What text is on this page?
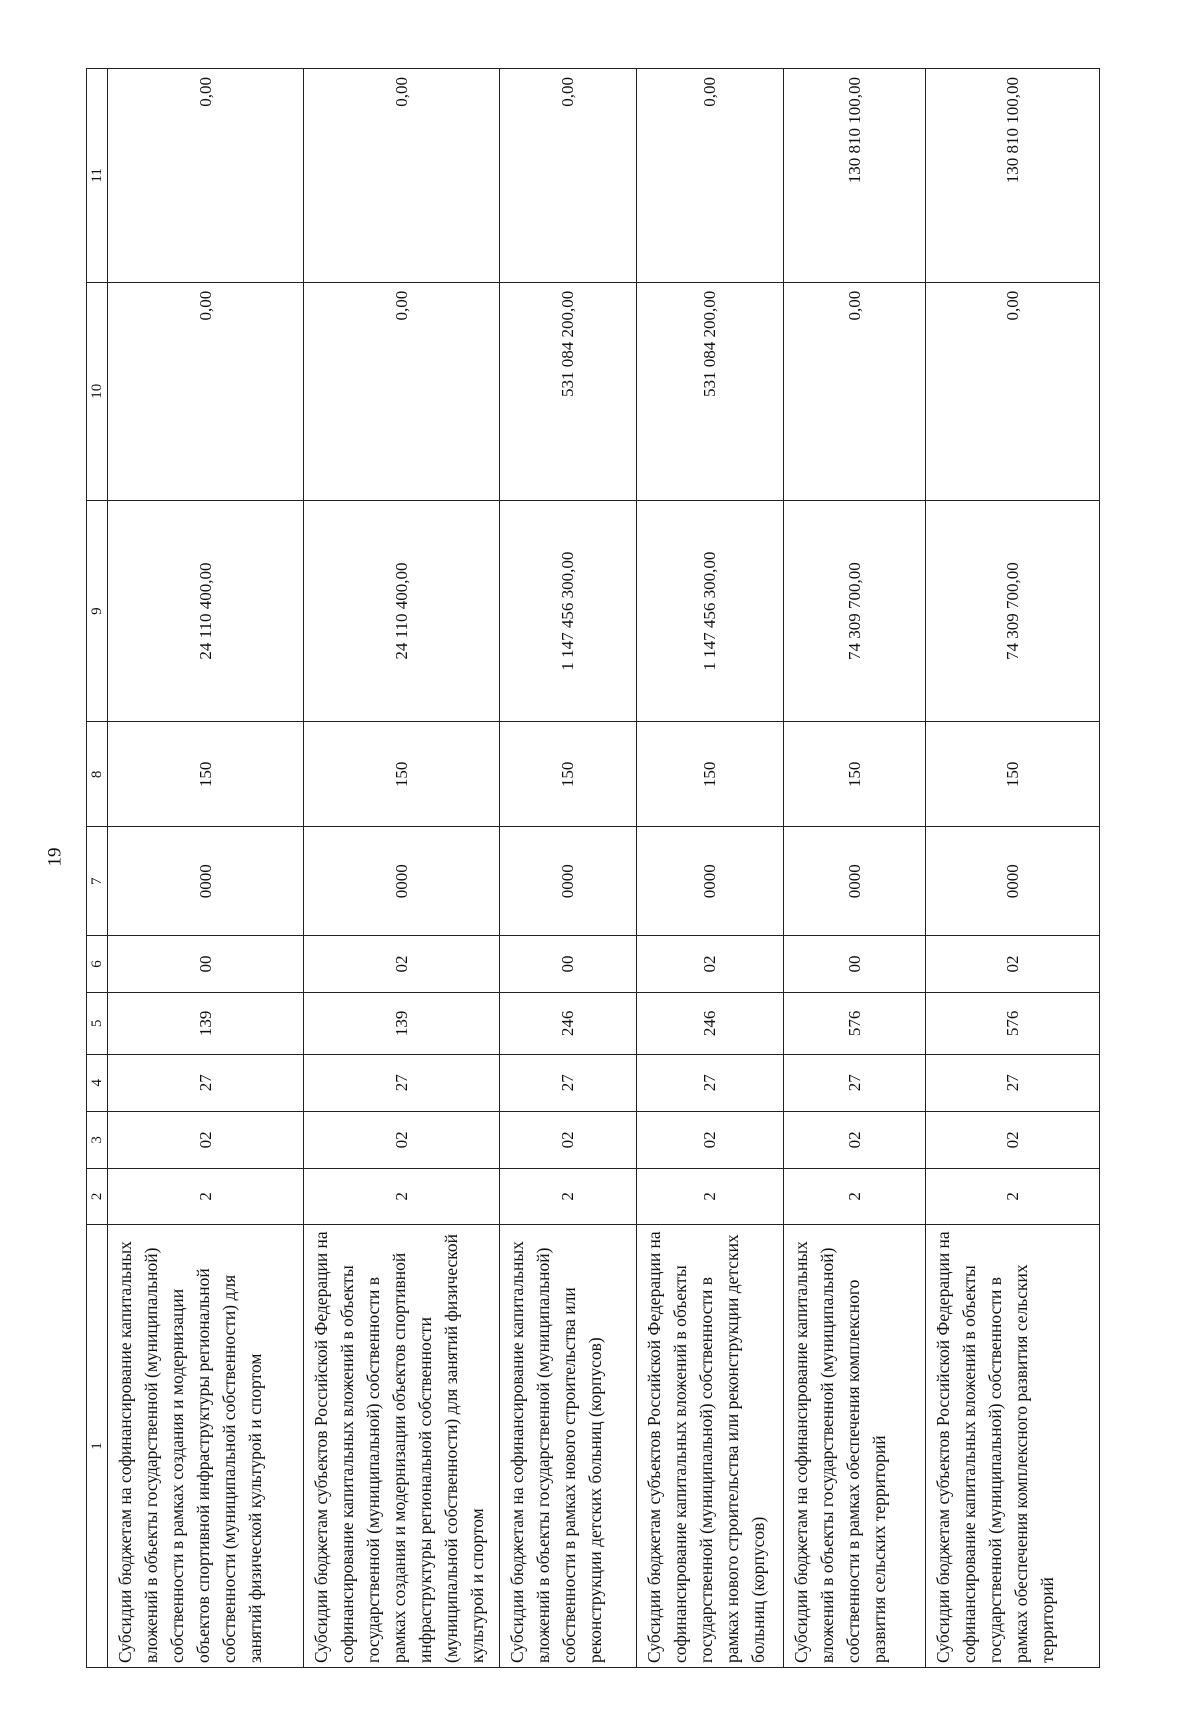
19
1	2	3	4	5	6	7	8	9	10	11
Субсидии бюджетам на софинансирование капитальных вложений в объекты государственной (муниципальной) собственности в рамках создания и модернизации объектов спортивной инфраструктуры региональной собственности (муниципальной собственности) для занятий физической культурой и спортом	2	02	27	139	00	0000	150	24 110 400,00	0,00	0,00
Субсидии бюджетам субъектов Российской Федерации на софинансирование капитальных вложений в объекты государственной (муниципальной) собственности в рамках создания и модернизации объектов спортивной инфраструктуры региональной собственности (муниципальной собственности) для занятий физической культурой и спортом	2	02	27	139	02	0000	150	24 110 400,00	0,00	0,00
Субсидии бюджетам на софинансирование капитальных вложений в объекты государственной (муниципальной) собственности в рамках нового строительства или реконструкции детских больниц (корпусов)	2	02	27	246	00	0000	150	1 147 456 300,00	531 084 200,00	0,00
Субсидии бюджетам субъектов Российской Федерации на софинансирование капитальных вложений в объекты государственной (муниципальной) собственности в рамках нового строительства или реконструкции детских больниц (корпусов)	2	02	27	246	02	0000	150	1 147 456 300,00	531 084 200,00	0,00
Субсидии бюджетам на софинансирование капитальных вложений в объекты государственной (муниципальной) собственности в рамках обеспечения комплексного развития сельских территорий	2	02	27	576	00	0000	150	74 309 700,00	0,00	130 810 100,00
Субсидии бюджетам субъектов Российской Федерации на софинансирование капитальных вложений в объекты государственной (муниципальной) собственности в рамках обеспечения комплексного развития сельских территорий	2	02	27	576	02	0000	150	74 309 700,00	0,00	130 810 100,00
